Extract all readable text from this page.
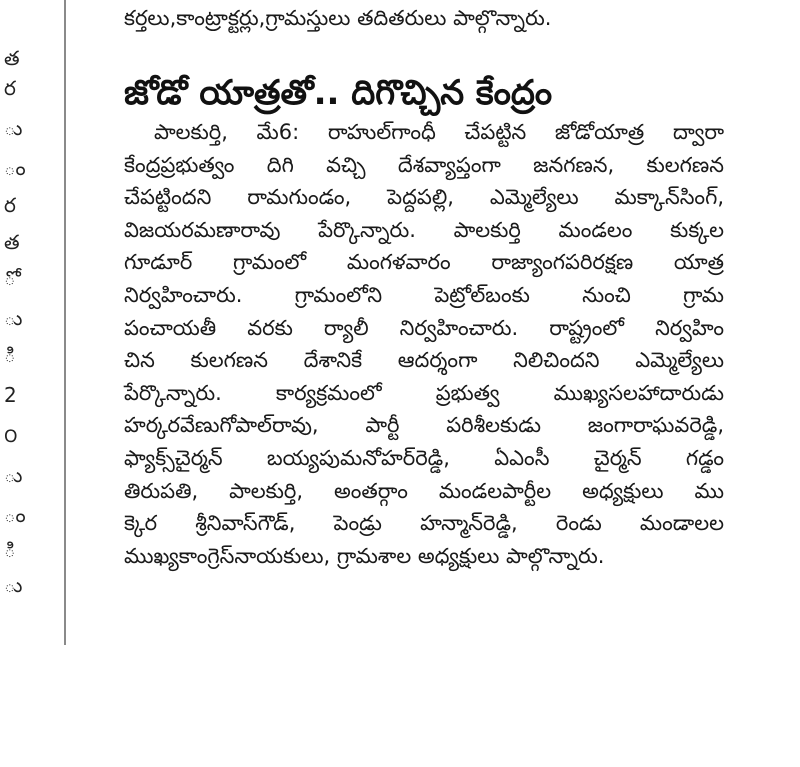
త
ర
ు
ం
ర
త
ో
ు
ి
2
౦
ు
ం
ి
ు
కర్తలు,కాంట్రాక్టర్లు,గ్రామస్తులు తదితరులు పాల్గొన్నారు.
జోడో యాత్రతో.. దిగొచ్చిన కేంద్రం
పాలకుర్తి, మే6: రాహుల్‌గాంధీ చేపట్టిన జోడోయాత్ర ద్వారా
కేంద్రప్రభుత్వం దిగి వచ్చి దేశవ్యాప్తంగా జనగణన, కులగణన
చేపట్టిందని రామగుండం, పెద్దపల్లి, ఎమ్మెల్యేలు మక్కాన్‌సింగ్,
విజయరమణారావు పేర్కొన్నారు. పాలకుర్తి మండలం కుక్కల
గూడూర్ గ్రామంలో మంగళవారం రాజ్యాంగపరిరక్షణ యాత్ర
నిర్వహించారు. గ్రామంలోని పెట్రోల్‌బంకు నుంచి గ్రామ
పంచాయతీ వరకు ర్యాలీ నిర్వహించారు. రాష్ట్రంలో నిర్వహిం
చిన కులగణన దేశానికే ఆదర్శంగా నిలిచిందని ఎమ్మెల్యేలు
పేర్కొన్నారు. కార్యక్రమంలో ప్రభుత్వ ముఖ్యసలహాదారుడు
హర్కరవేణుగోపాల్‌రావు, పార్టీ పరిశీలకుడు జంగారాఘవరెడ్డి,
ఫ్యాక్స్‌చైర్మన్ బయ్యపుమనోహర్‌రెడ్డి, ఏఎంసీ చైర్మన్ గడ్డం
తిరుపతి, పాలకుర్తి, అంతర్గాం మండలపార్టీల అధ్యక్షులు ము
క్కెర శ్రీనివాస్‌గౌడ్, పెండ్రు హన్మాన్‌రెడ్డి, రెండు మండాలల
ముఖ్యకాంగ్రెస్‌నాయకులు, గ్రామశాల అధ్యక్షులు పాల్గొన్నారు.
